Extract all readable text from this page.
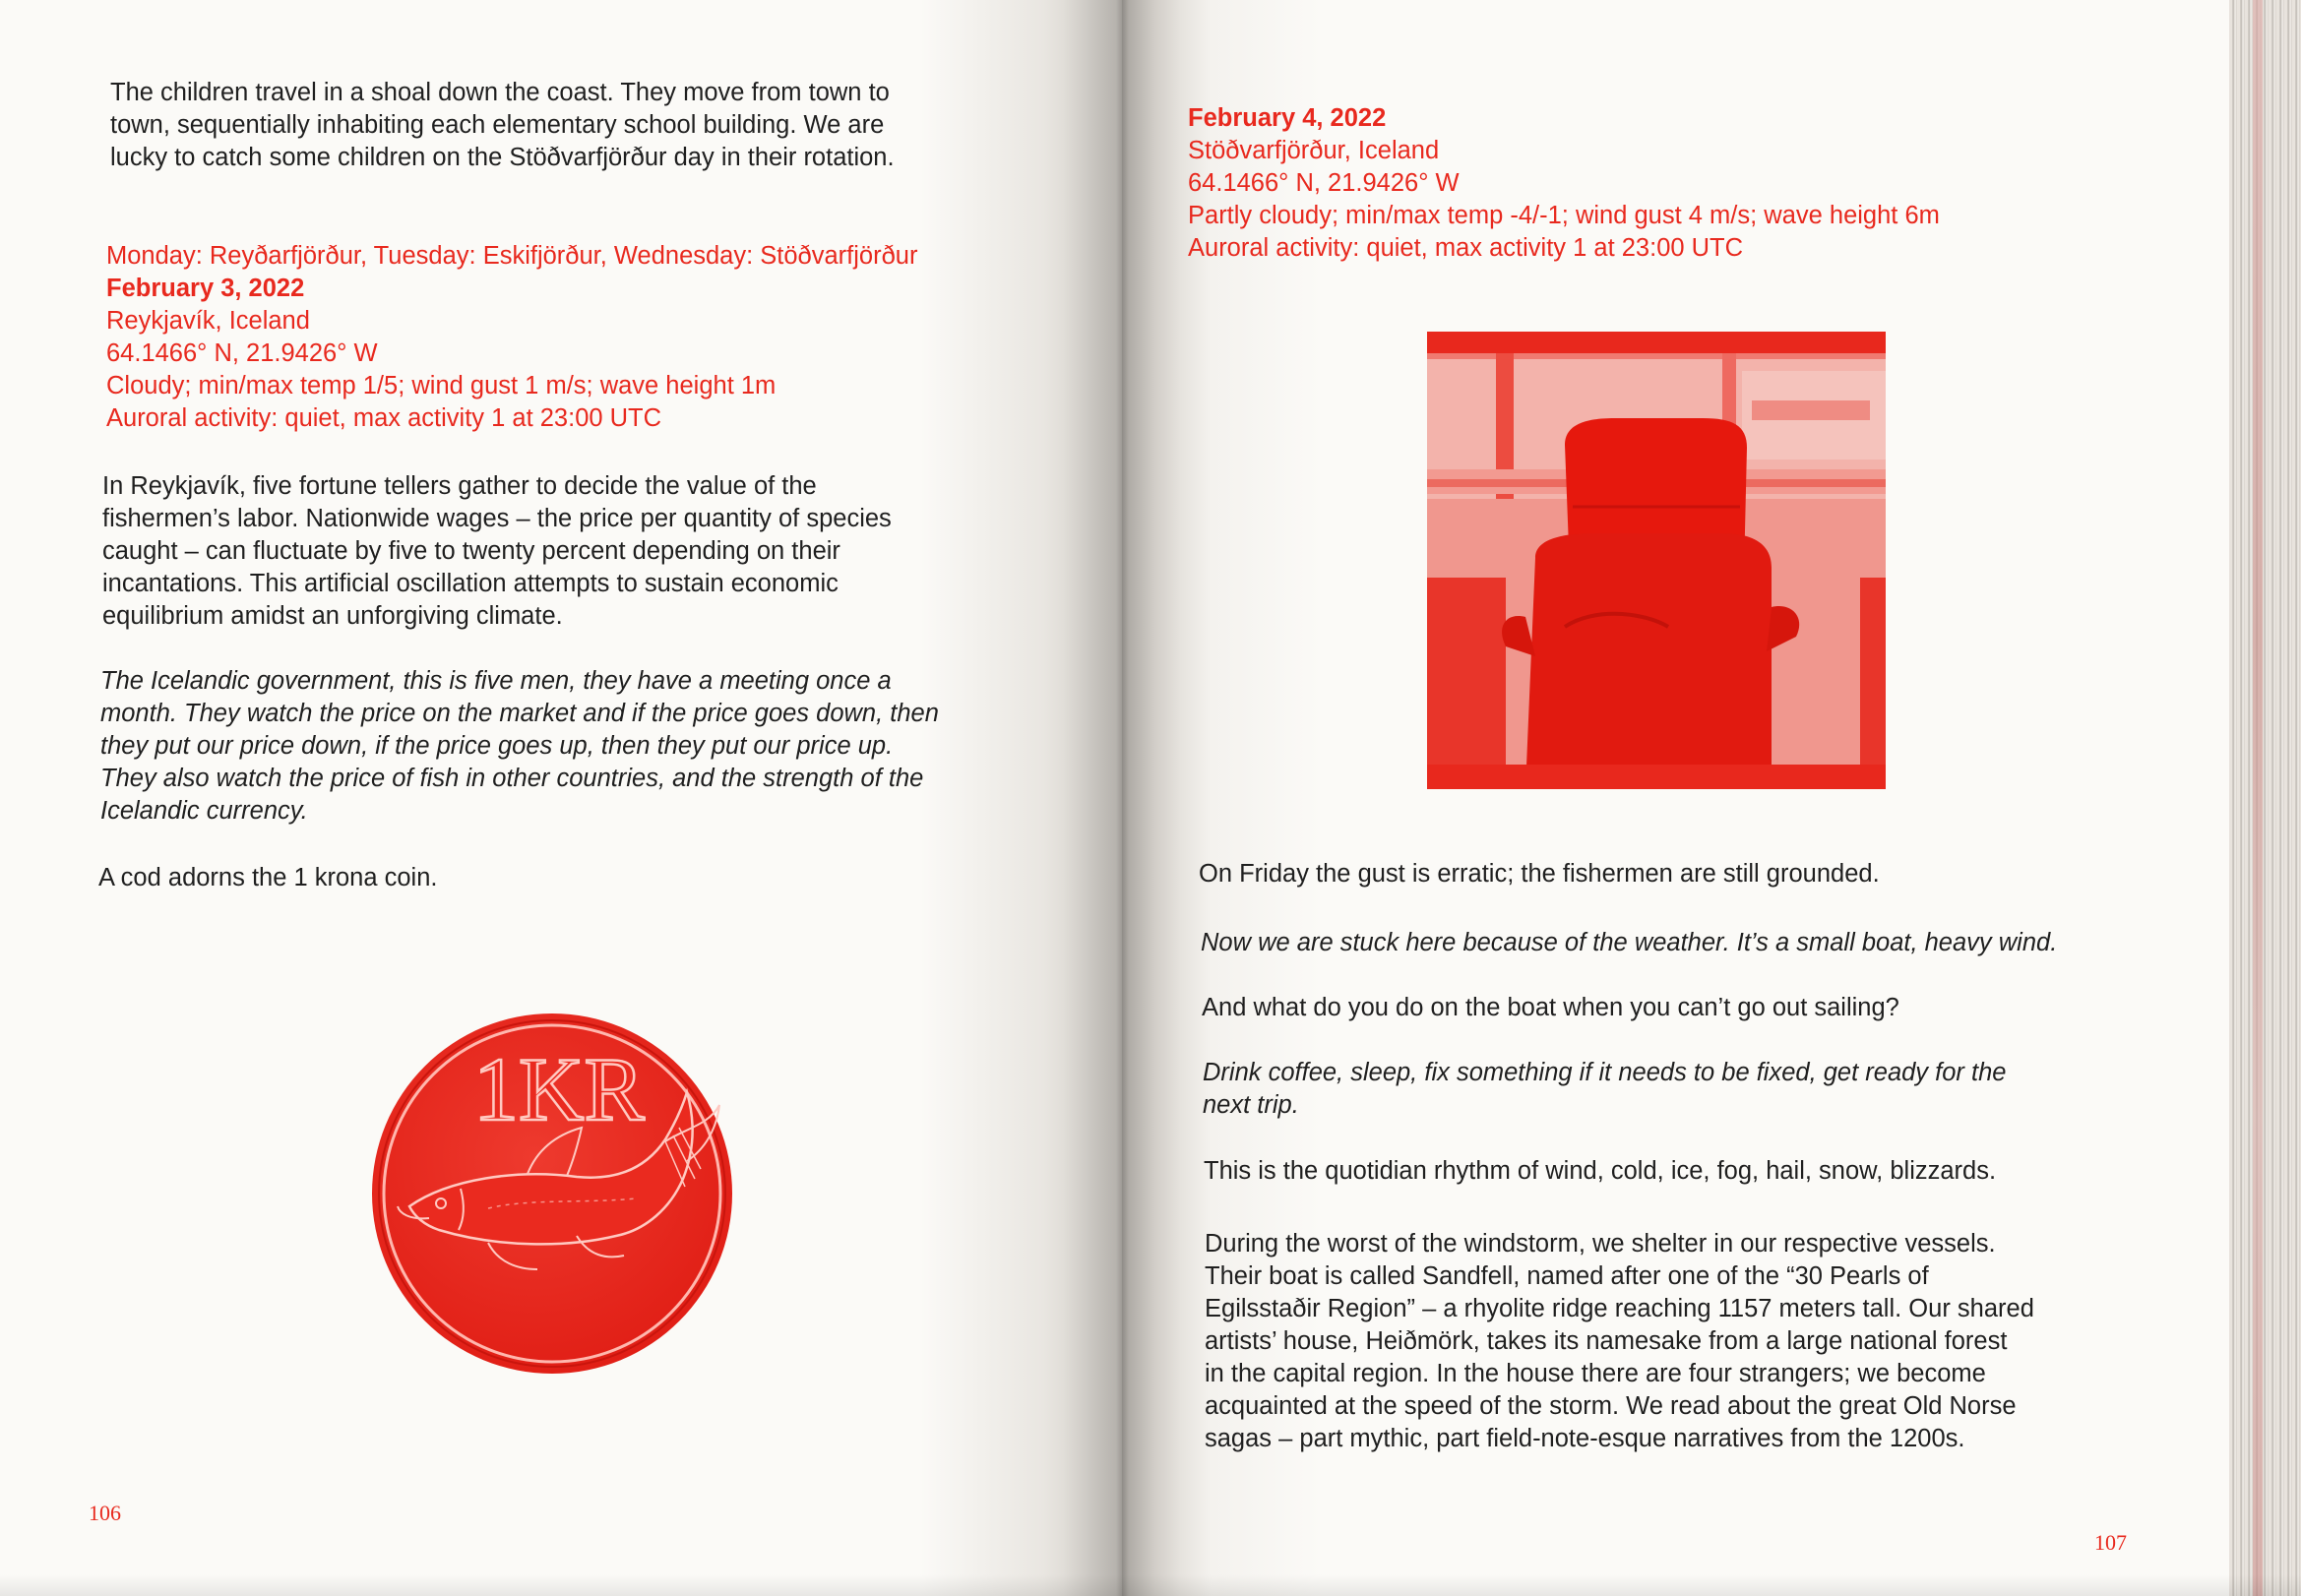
The children travel in a shoal down the coast. They move from town to

town, sequentially inhabiting each elementary school building. We are

lucky to catch some children on the Stöðvarfjörður day in their rotation.

Monday: Reyðarfjörður, Tuesday: Eskifjörður, Wednesday: Stöðvarfjörður

February 3, 2022

Reykjavík, Iceland

64.1466° N, 21.9426° W

Cloudy; min/max temp 1/5; wind gust 1 m/s; wave height 1m

Auroral activity: quiet, max activity 1 at 23:00 UTC

In Reykjavík, five fortune tellers gather to decide the value of the

fishermen’s labor. Nationwide wages – the price per quantity of species

caught – can fluctuate by five to twenty percent depending on their

incantations. This artificial oscillation attempts to sustain economic

equilibrium amidst an unforgiving climate.

The Icelandic government, this is five men, they have a meeting once a

month. They watch the price on the market and if the price goes down, then

they put our price down, if the price goes up, then they put our price up.

They also watch the price of fish in other countries, and the strength of the

Icelandic currency.

A cod adorns the 1 krona coin.

1KR
106

February 4, 2022

Stöðvarfjörður, Iceland

64.1466° N, 21.9426° W

Partly cloudy; min/max temp -4/-1; wind gust 4 m/s; wave height 6m

Auroral activity: quiet, max activity 1 at 23:00 UTC

On Friday the gust is erratic; the fishermen are still grounded.

Now we are stuck here because of the weather. It’s a small boat, heavy wind.

And what do you do on the boat when you can’t go out sailing?

Drink coffee, sleep, fix something if it needs to be fixed, get ready for the

next trip.

This is the quotidian rhythm of wind, cold, ice, fog, hail, snow, blizzards.

During the worst of the windstorm, we shelter in our respective vessels.

Their boat is called Sandfell, named after one of the “30 Pearls of

Egilsstaðir Region” – a rhyolite ridge reaching 1157 meters tall. Our shared

artists’ house, Heiðmörk, takes its namesake from a large national forest

in the capital region. In the house there are four strangers; we become

acquainted at the speed of the storm. We read about the great Old Norse

sagas – part mythic, part field-note-esque narratives from the 1200s.

107
